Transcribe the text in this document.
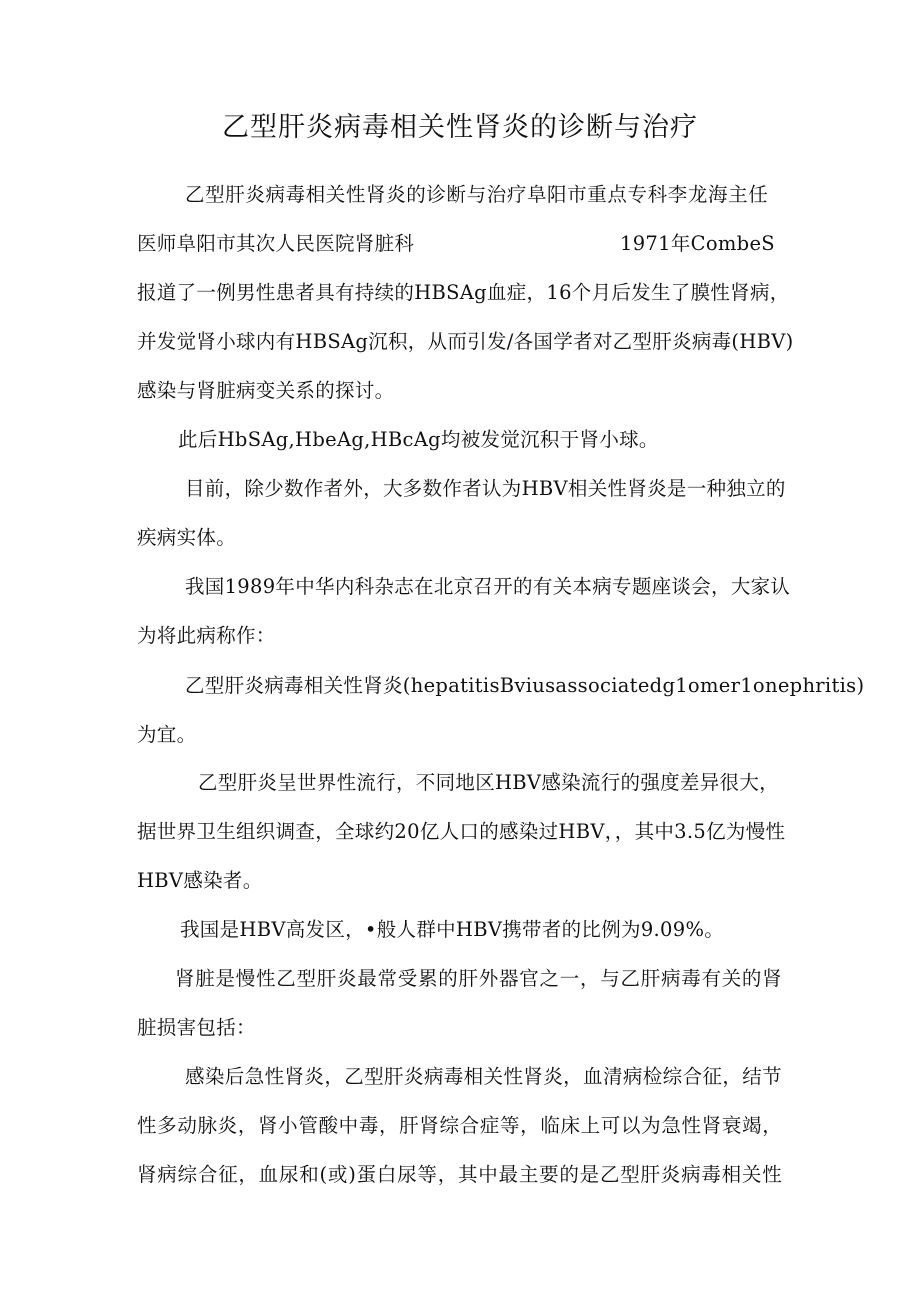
乙型肝炎病毒相关性肾炎的诊断与治疗
乙型肝炎病毒相关性肾炎的诊断与治疗阜阳市重点专科李龙海主任
医师阜阳市其次人民医院肾脏科	1971年CombeS
报道了一例男性患者具有持续的HBSAg血症，16个月后发生了膜性肾病，
并发觉肾小球内有HBSAg沉积，从而引发/各国学者对乙型肝炎病毒(HBV)
感染与肾脏病变关系的探讨。
此后HbSAg,HbeAg,HBcAg均被发觉沉积于肾小球。
目前，除少数作者外，大多数作者认为HBV相关性肾炎是一种独立的
疾病实体。
我国1989年中华内科杂志在北京召开的有关本病专题座谈会，大家认
为将此病称作：
乙型肝炎病毒相关性肾炎(hepatitisBviusassociatedg1omer1onephritis)
为宜。
乙型肝炎呈世界性流行，不同地区HBV感染流行的强度差异很大，
据世界卫生组织调查，全球约20亿人口的感染过HBV，，其中3.5亿为慢性
HBV感染者。
我国是HBV高发区，•般人群中HBV携带者的比例为9.09%。
肾脏是慢性乙型肝炎最常受累的肝外器官之一，与乙肝病毒有关的肾
脏损害包括：
感染后急性肾炎，乙型肝炎病毒相关性肾炎，血清病检综合征，结节
性多动脉炎，肾小管酸中毒，肝肾综合症等，临床上可以为急性肾衰竭，
肾病综合征，血尿和(或)蛋白尿等，其中最主要的是乙型肝炎病毒相关性
